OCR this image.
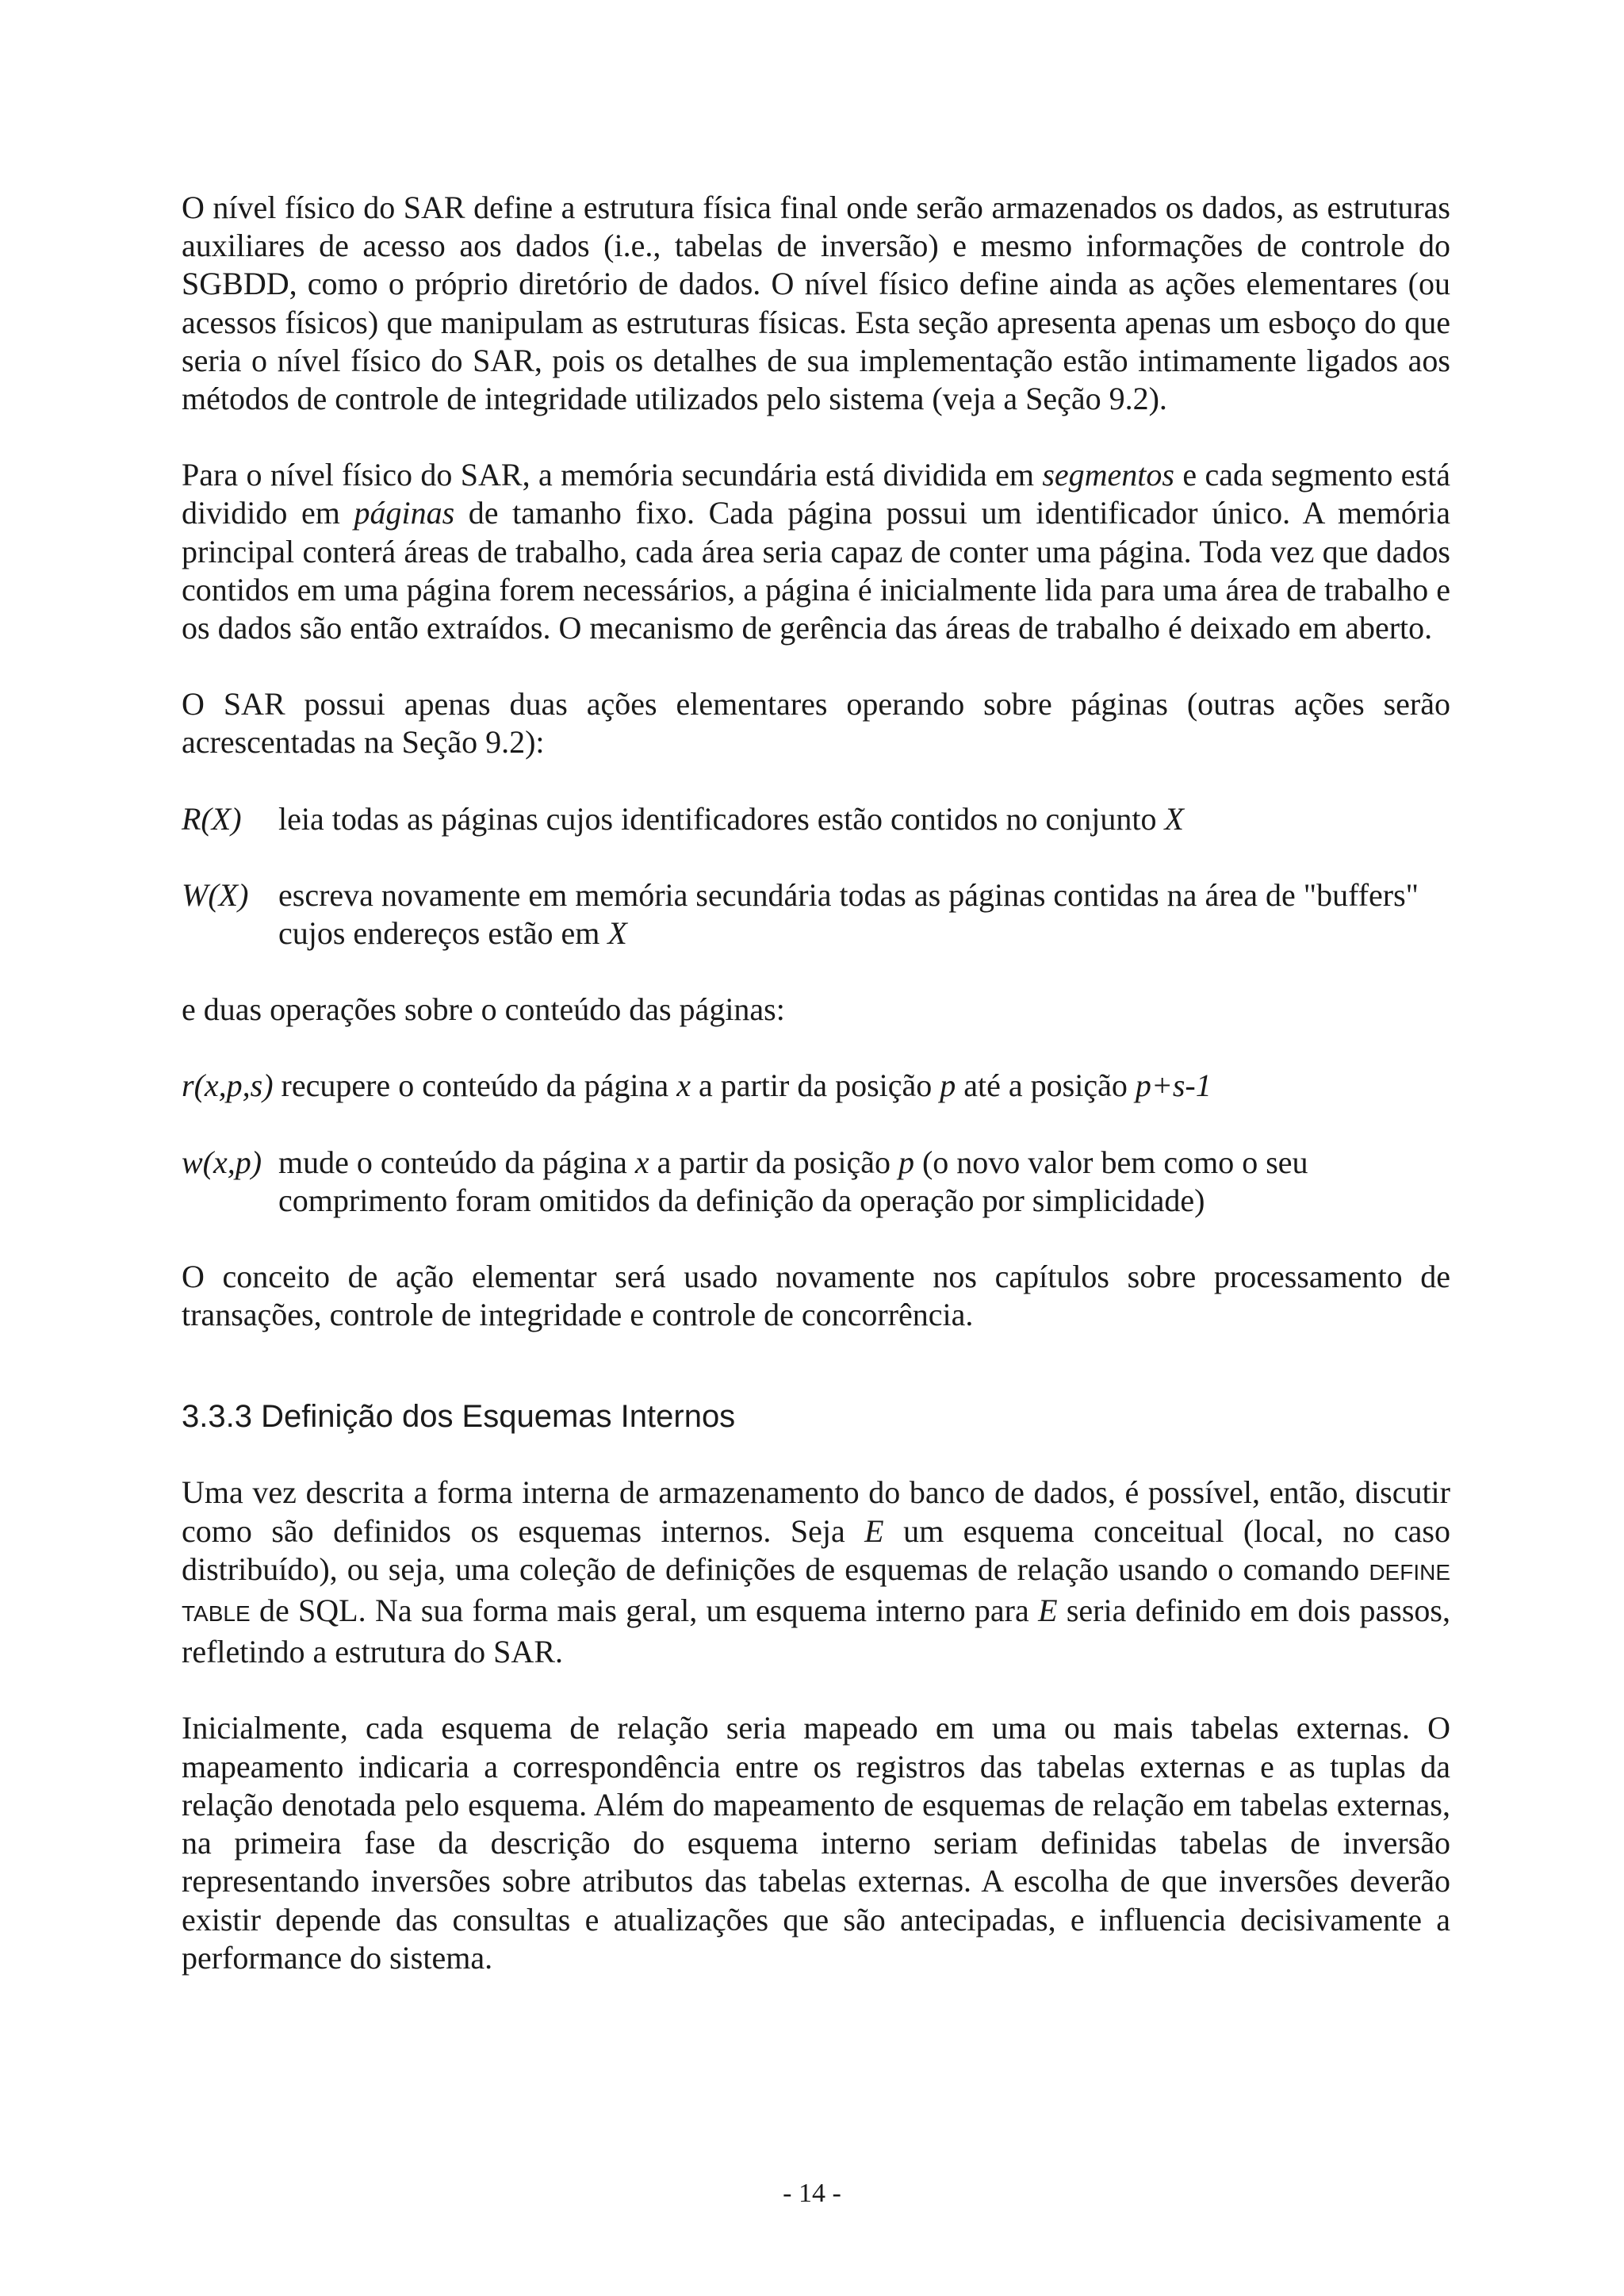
O nível físico do SAR define a estrutura física final onde serão armazenados os dados, as estruturas auxiliares de acesso aos dados (i.e., tabelas de inversão) e mesmo informações de controle do SGBDD, como o próprio diretório de dados. O nível físico define ainda as ações elementares (ou acessos físicos) que manipulam as estruturas físicas. Esta seção apresenta apenas um esboço do que seria o nível físico do SAR, pois os detalhes de sua implementação estão intimamente ligados aos métodos de controle de integridade utilizados pelo sistema (veja a Seção 9.2).

Para o nível físico do SAR, a memória secundária está dividida em segmentos e cada segmento está dividido em páginas de tamanho fixo. Cada página possui um identificador único. A memória principal conterá áreas de trabalho, cada área seria capaz de conter uma página. Toda vez que dados contidos em uma página forem necessários, a página é inicialmente lida para uma área de trabalho e os dados são então extraídos. O mecanismo de gerência das áreas de trabalho é deixado em aberto.

O SAR possui apenas duas ações elementares operando sobre páginas (outras ações serão acrescentadas na Seção 9.2):

R(X)	leia todas as páginas cujos identificadores estão contidos no conjunto X
W(X) escreva novamente em memória secundária todas as páginas contidas na área de "buffers" cujos endereços estão em X

e duas operações sobre o conteúdo das páginas:

r(x,p,s) recupere o conteúdo da página x a partir da posição p até a posição p+s-1
w(x,p) mude o conteúdo da página x a partir da posição p (o novo valor bem como o seu comprimento foram omitidos da definição da operação por simplicidade)

O conceito de ação elementar será usado novamente nos capítulos sobre processamento de transações, controle de integridade e controle de concorrência.

3.3.3 Definição dos Esquemas Internos

Uma vez descrita a forma interna de armazenamento do banco de dados, é possível, então, discutir como são definidos os esquemas internos. Seja E um esquema conceitual (local, no caso distribuído), ou seja, uma coleção de definições de esquemas de relação usando o comando DEFINE TABLE de SQL. Na sua forma mais geral, um esquema interno para E seria definido em dois passos, refletindo a estrutura do SAR.

Inicialmente, cada esquema de relação seria mapeado em uma ou mais tabelas externas. O mapeamento indicaria a correspondência entre os registros das tabelas externas e as tuplas da relação denotada pelo esquema. Além do mapeamento de esquemas de relação em tabelas externas, na primeira fase da descrição do esquema interno seriam definidas tabelas de inversão representando inversões sobre atributos das tabelas externas. A escolha de que inversões deverão existir depende das consultas e atualizações que são antecipadas, e influencia decisivamente a performance do sistema.

- 14 -
